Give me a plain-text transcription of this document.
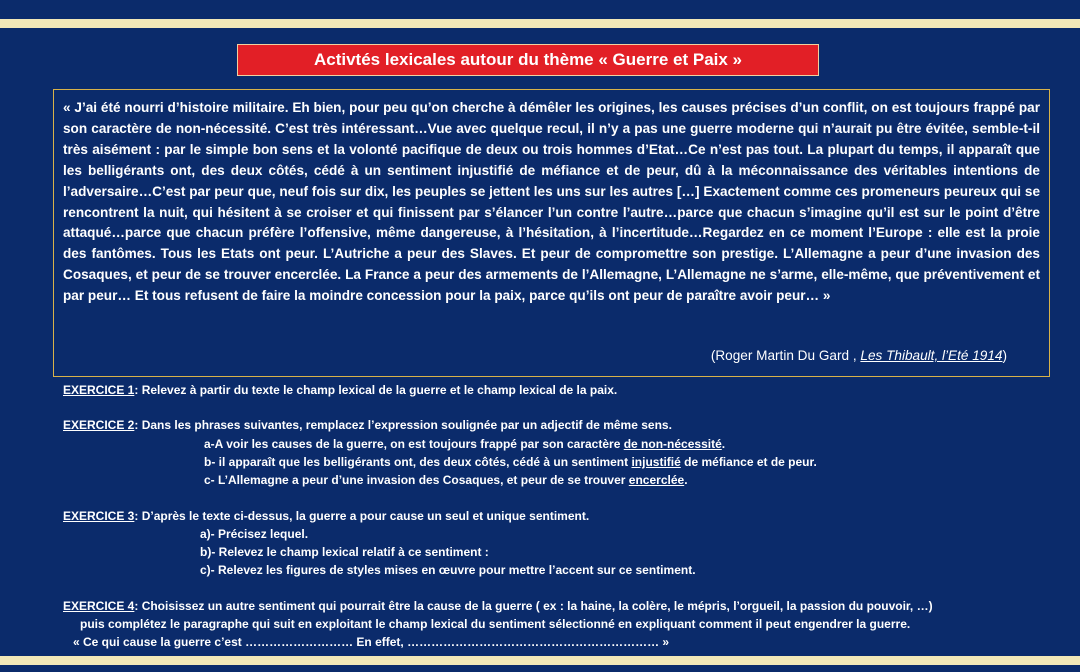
Activtés lexicales autour du thème « Guerre et Paix »

« J’ai été nourri d’histoire militaire. Eh bien, pour peu qu’on cherche à démêler les origines, les causes précises d’un conflit, on est toujours frappé par son caractère de non-nécessité. C’est très intéressant…Vue avec quelque recul, il n’y a pas une guerre moderne qui n’aurait pu être évitée, semble-t-il très aisément : par le simple bon sens et la volonté pacifique de deux ou trois hommes d’Etat…Ce n’est pas tout. La plupart du temps, il apparaît que les belligérants ont, des deux côtés, cédé à un sentiment injustifié de méfiance et de peur, dû à la méconnaissance des véritables intentions de l’adversaire…C’est par peur que, neuf fois sur dix, les peuples se jettent les uns sur les autres […] Exactement comme ces promeneurs peureux qui se rencontrent la nuit, qui hésitent à se croiser et qui finissent par s’élancer l’un contre l’autre…parce que chacun s’imagine qu’il est sur le point d’être attaqué…parce que chacun préfère l’offensive, même dangereuse, à l’hésitation, à l’incertitude…Regardez en ce moment l’Europe : elle est la proie des fantômes. Tous les Etats ont peur. L’Autriche a peur des Slaves. Et peur de compromettre son prestige. L’Allemagne a peur d’une invasion des Cosaques, et peur de se trouver encerclée. La France a peur des armements de l’Allemagne, L’Allemagne ne s’arme, elle-même, que préventivement et par peur… Et tous refusent de faire la moindre concession pour la paix, parce qu’ils ont peur de paraître avoir peur… »

(Roger Martin Du Gard , Les Thibault, l’Eté 1914)
EXERCICE 1: Relevez à partir du texte le champ lexical de la guerre et le champ lexical de la paix.
EXERCICE 2: Dans les phrases suivantes, remplacez l’expression soulignée par un adjectif de même sens.
a-A voir les causes de la guerre, on est toujours frappé par son caractère de non-nécessité.
b- il apparaît que les belligérants ont, des deux côtés, cédé à un sentiment injustifié de méfiance et de peur.
c- L’Allemagne a peur d’une invasion des Cosaques, et peur de se trouver encerclée.
EXERCICE 3: D’après le texte ci-dessus, la guerre a pour cause un seul et unique sentiment.
a)- Précisez lequel.
b)- Relevez le champ lexical relatif à ce sentiment :
c)- Relevez les figures de styles mises en œuvre pour mettre l’accent sur ce sentiment.
EXERCICE 4: Choisissez un autre sentiment qui pourrait être la cause de la guerre ( ex : la haine, la colère, le mépris, l’orgueil, la passion du pouvoir, …)
puis complétez le paragraphe qui suit en exploitant le champ lexical du sentiment sélectionné en expliquant comment il peut engendrer la guerre.
« Ce qui cause la guerre c’est ……………………… En effet, ……………………………………………………… »
